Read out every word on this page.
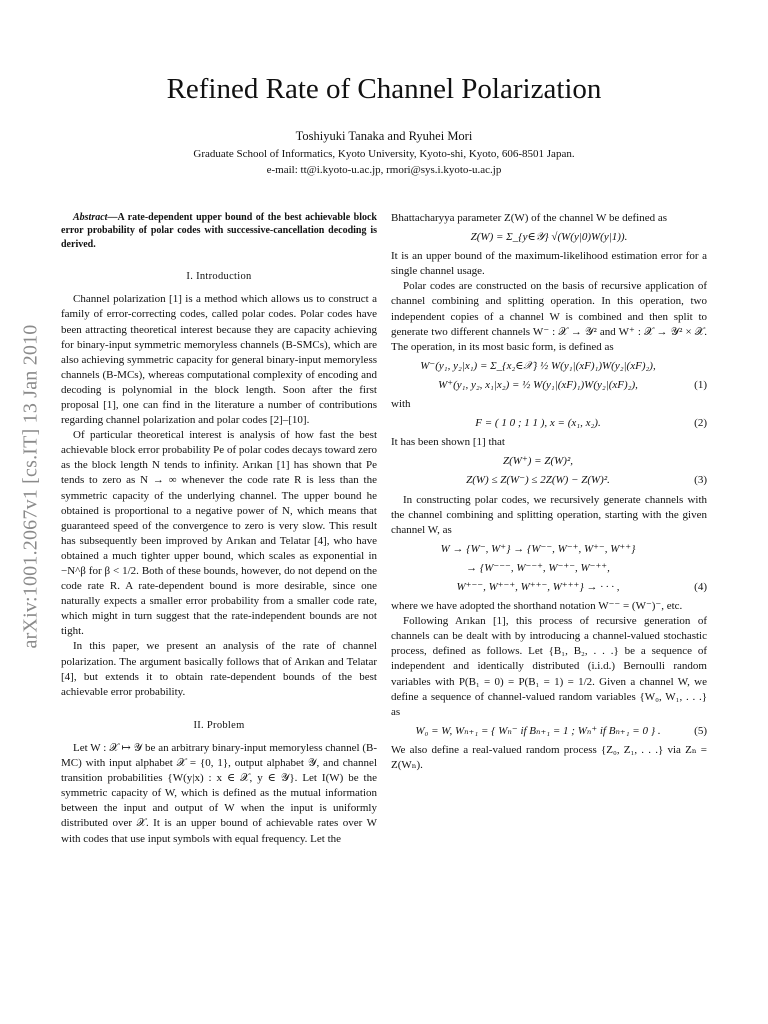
arXiv:1001.2067v1 [cs.IT] 13 Jan 2010
Refined Rate of Channel Polarization
Toshiyuki Tanaka and Ryuhei Mori
Graduate School of Informatics, Kyoto University, Kyoto-shi, Kyoto, 606-8501 Japan.
e-mail: tt@i.kyoto-u.ac.jp, rmori@sys.i.kyoto-u.ac.jp

Abstract—A rate-dependent upper bound of the best achievable block error probability of polar codes with successive-cancellation decoding is derived.

I. Introduction

Channel polarization [1] is a method which allows us to construct a family of error-correcting codes, called polar codes. Polar codes have been attracting theoretical interest because they are capacity achieving for binary-input symmetric memoryless channels (B-SMCs), which are also achieving symmetric capacity for general binary-input memoryless channels (B-MCs), whereas computational complexity of encoding and decoding is polynomial in the block length. Soon after the first proposal [1], one can find in the literature a number of contributions regarding channel polarization and polar codes [2]–[10].

Of particular theoretical interest is analysis of how fast the best achievable block error probability Pe of polar codes decays toward zero as the block length N tends to infinity. Arıkan [1] has shown that Pe tends to zero as N → ∞ whenever the code rate R is less than the symmetric capacity of the underlying channel. The upper bound he obtained is proportional to a negative power of N, which means that guaranteed speed of the convergence to zero is very slow. This result has subsequently been improved by Arıkan and Telatar [4], who have obtained a much tighter upper bound, which scales as exponential in −N^β for β < 1/2. Both of these bounds, however, do not depend on the code rate R. A rate-dependent bound is more desirable, since one naturally expects a smaller error probability from a smaller code rate, which might in turn suggest that the rate-independent bounds are not tight.

In this paper, we present an analysis of the rate of channel polarization. The argument basically follows that of Arıkan and Telatar [4], but extends it to obtain rate-dependent bounds of the best achievable error probability.

II. Problem

Let W : 𝒳 ↦ 𝒴 be an arbitrary binary-input memoryless channel (B-MC) with input alphabet 𝒳 = {0, 1}, output alphabet 𝒴, and channel transition probabilities {W(y|x) : x ∈ 𝒳, y ∈ 𝒴}. Let I(W) be the symmetric capacity of W, which is defined as the mutual information between the input and output of W when the input is uniformly distributed over 𝒳. It is an upper bound of achievable rates over W with codes that use input symbols with equal frequency. Let the

Bhattacharyya parameter Z(W) of the channel W be defined as

Z(W) = Σ_{y∈𝒴} √(W(y|0)W(y|1)).

It is an upper bound of the maximum-likelihood estimation error for a single channel usage.

Polar codes are constructed on the basis of recursive application of channel combining and splitting operation. In this operation, two independent copies of a channel W is combined and then split to generate two different channels W⁻ : 𝒳 → 𝒴² and W⁺ : 𝒳 → 𝒴² × 𝒳. The operation, in its most basic form, is defined as

W⁻(y₁, y₂|x₁) = Σ_{x₂∈𝒳} ½ W(y₁|(xF)₁)W(y₂|(xF)₂),
W⁺(y₁, y₂, x₁|x₂) = ½ W(y₁|(xF)₁)W(y₂|(xF)₂),	(1)

with

F = ( 1 0 ; 1 1 ), x = (x₁, x₂).	(2)

It has been shown [1] that

Z(W⁺) = Z(W)²,
Z(W) ≤ Z(W⁻) ≤ 2Z(W) − Z(W)².	(3)

In constructing polar codes, we recursively generate channels with the channel combining and splitting operation, starting with the given channel W, as

W → {W⁻, W⁺} → {W⁻⁻, W⁻⁺, W⁺⁻, W⁺⁺}
→ {W⁻⁻⁻, W⁻⁻⁺, W⁻⁺⁻, W⁻⁺⁺,
W⁺⁻⁻, W⁺⁻⁺, W⁺⁺⁻, W⁺⁺⁺} → · · · ,	(4)

where we have adopted the shorthand notation W⁻⁻ = (W⁻)⁻, etc.

Following Arıkan [1], this process of recursive generation of channels can be dealt with by introducing a channel-valued stochastic process, defined as follows. Let {B₁, B₂, . . .} be a sequence of independent and identically distributed (i.i.d.) Bernoulli random variables with P(B₁ = 0) = P(B₁ = 1) = 1/2. Given a channel W, we define a sequence of channel-valued random variables {W₀, W₁, . . .} as

W₀ = W, Wₙ₊₁ = { Wₙ⁻ if Bₙ₊₁ = 1 ; Wₙ⁺ if Bₙ₊₁ = 0 } .	(5)

We also define a real-valued random process {Z₀, Z₁, . . .} via Zₙ = Z(Wₙ).
